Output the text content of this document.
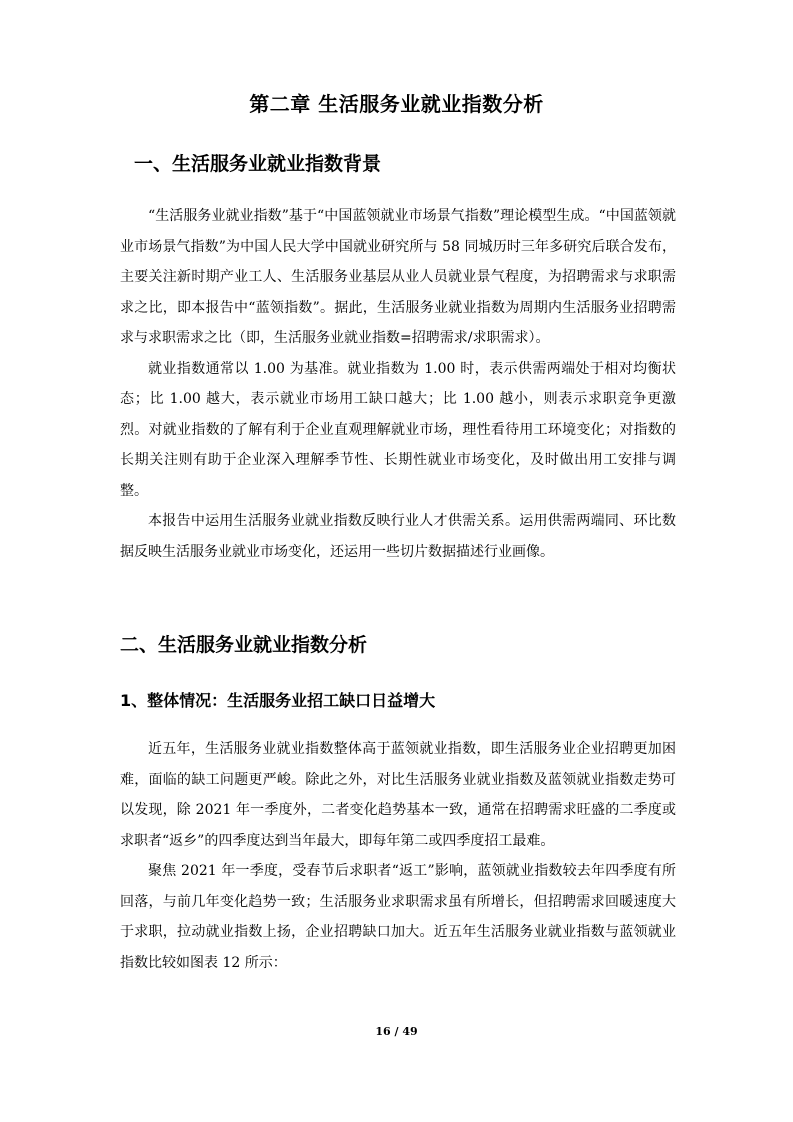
第二章 生活服务业就业指数分析
一、生活服务业就业指数背景

“生活服务业就业指数”基于“中国蓝领就业市场景气指数”理论模型生成。“中国蓝领就业市场景气指数”为中国人民大学中国就业研究所与 58 同城历时三年多研究后联合发布，主要关注新时期产业工人、生活服务业基层从业人员就业景气程度，为招聘需求与求职需求之比，即本报告中“蓝领指数”。据此，生活服务业就业指数为周期内生活服务业招聘需求与求职需求之比（即，生活服务业就业指数=招聘需求/求职需求）。

就业指数通常以 1.00 为基准。就业指数为 1.00 时，表示供需两端处于相对均衡状态；比 1.00 越大，表示就业市场用工缺口越大；比 1.00 越小，则表示求职竞争更激烈。对就业指数的了解有利于企业直观理解就业市场，理性看待用工环境变化；对指数的长期关注则有助于企业深入理解季节性、长期性就业市场变化，及时做出用工安排与调整。

本报告中运用生活服务业就业指数反映行业人才供需关系。运用供需两端同、环比数据反映生活服务业就业市场变化，还运用一些切片数据描述行业画像。

二、生活服务业就业指数分析
1、整体情况：生活服务业招工缺口日益增大

近五年，生活服务业就业指数整体高于蓝领就业指数，即生活服务业企业招聘更加困难，面临的缺工问题更严峻。除此之外，对比生活服务业就业指数及蓝领就业指数走势可以发现，除 2021 年一季度外，二者变化趋势基本一致，通常在招聘需求旺盛的二季度或求职者“返乡”的四季度达到当年最大，即每年第二或四季度招工最难。

聚焦 2021 年一季度，受春节后求职者“返工”影响，蓝领就业指数较去年四季度有所回落，与前几年变化趋势一致；生活服务业求职需求虽有所增长，但招聘需求回暖速度大于求职，拉动就业指数上扬，企业招聘缺口加大。近五年生活服务业就业指数与蓝领就业指数比较如图表 12 所示：

16 / 49
